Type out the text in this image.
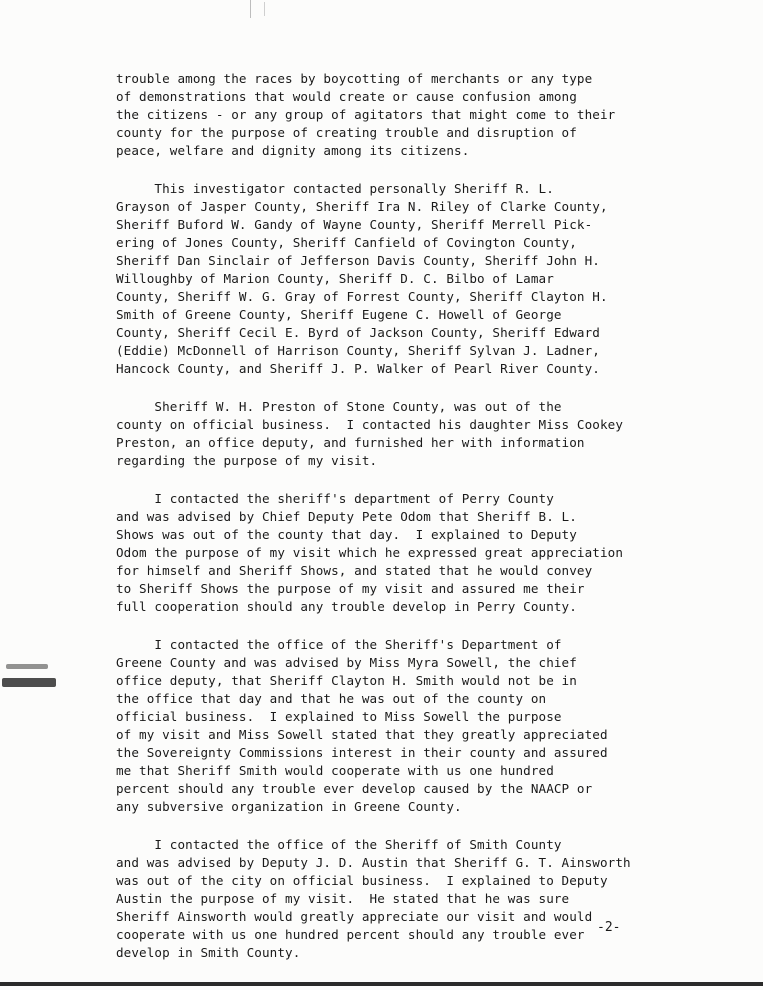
trouble among the races by boycotting of merchants or any type
of demonstrations that would create or cause confusion among
the citizens - or any group of agitators that might come to their
county for the purpose of creating trouble and disruption of
peace, welfare and dignity among its citizens.
This investigator contacted personally Sheriff R. L.
Grayson of Jasper County, Sheriff Ira N. Riley of Clarke County,
Sheriff Buford W. Gandy of Wayne County, Sheriff Merrell Pick-
ering of Jones County, Sheriff Canfield of Covington County,
Sheriff Dan Sinclair of Jefferson Davis County, Sheriff John H.
Willoughby of Marion County, Sheriff D. C. Bilbo of Lamar
County, Sheriff W. G. Gray of Forrest County, Sheriff Clayton H.
Smith of Greene County, Sheriff Eugene C. Howell of George
County, Sheriff Cecil E. Byrd of Jackson County, Sheriff Edward
(Eddie) McDonnell of Harrison County, Sheriff Sylvan J. Ladner,
Hancock County, and Sheriff J. P. Walker of Pearl River County.
Sheriff W. H. Preston of Stone County, was out of the
county on official business.  I contacted his daughter Miss Cookey
Preston, an office deputy, and furnished her with information
regarding the purpose of my visit.
I contacted the sheriff's department of Perry County
and was advised by Chief Deputy Pete Odom that Sheriff B. L.
Shows was out of the county that day.  I explained to Deputy
Odom the purpose of my visit which he expressed great appreciation
for himself and Sheriff Shows, and stated that he would convey
to Sheriff Shows the purpose of my visit and assured me their
full cooperation should any trouble develop in Perry County.
I contacted the office of the Sheriff's Department of
Greene County and was advised by Miss Myra Sowell, the chief
office deputy, that Sheriff Clayton H. Smith would not be in
the office that day and that he was out of the county on
official business.  I explained to Miss Sowell the purpose
of my visit and Miss Sowell stated that they greatly appreciated
the Sovereignty Commissions interest in their county and assured
me that Sheriff Smith would cooperate with us one hundred
percent should any trouble ever develop caused by the NAACP or
any subversive organization in Greene County.
I contacted the office of the Sheriff of Smith County
and was advised by Deputy J. D. Austin that Sheriff G. T. Ainsworth
was out of the city on official business.  I explained to Deputy
Austin the purpose of my visit.  He stated that he was sure
Sheriff Ainsworth would greatly appreciate our visit and would
cooperate with us one hundred percent should any trouble ever
develop in Smith County.
-2-
